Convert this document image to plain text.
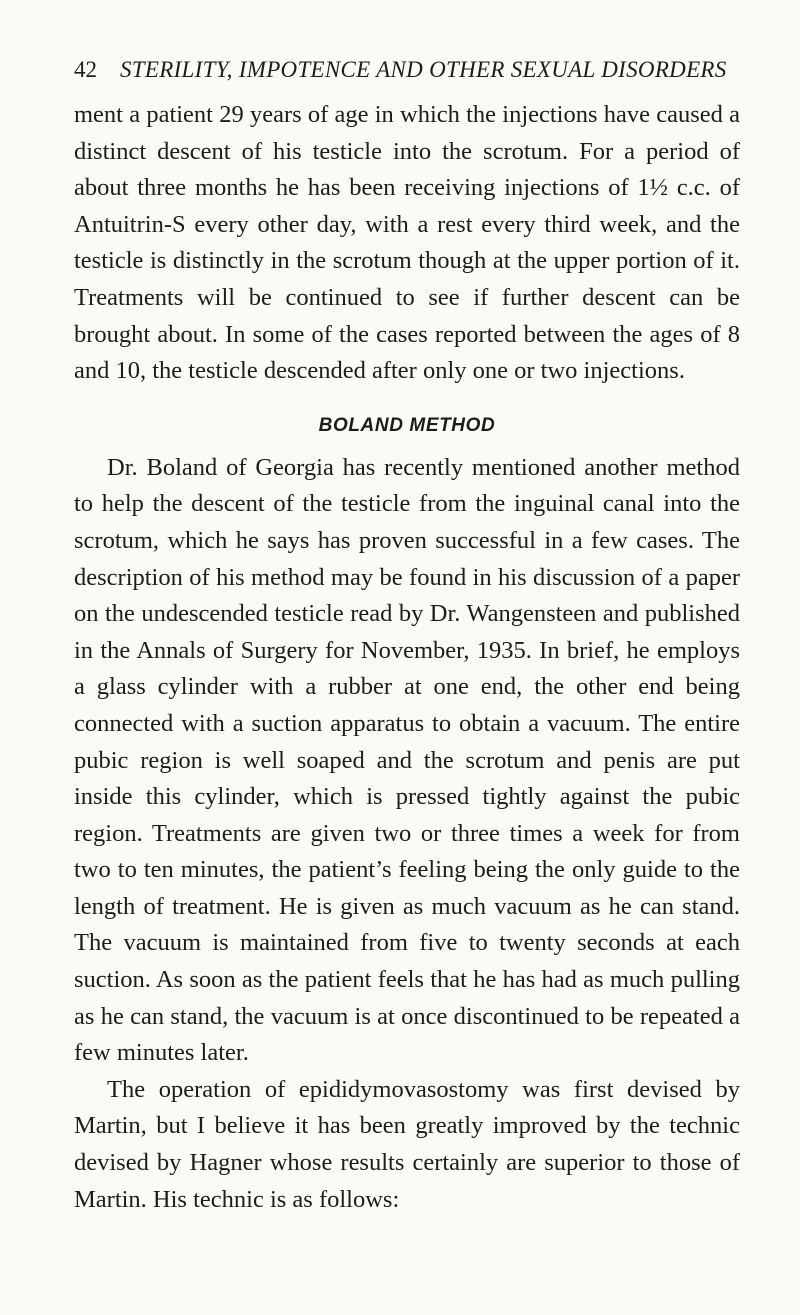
42 STERILITY, IMPOTENCE AND OTHER SEXUAL DISORDERS

ment a patient 29 years of age in which the injections have caused a distinct descent of his testicle into the scrotum. For a period of about three months he has been receiving injections of 1½ c.c. of Antuitrin-S every other day, with a rest every third week, and the testicle is distinctly in the scrotum though at the upper portion of it. Treatments will be continued to see if further descent can be brought about. In some of the cases reported between the ages of 8 and 10, the testicle descended after only one or two injections.

BOLAND METHOD

Dr. Boland of Georgia has recently mentioned another method to help the descent of the testicle from the inguinal canal into the scrotum, which he says has proven successful in a few cases. The description of his method may be found in his discussion of a paper on the undescended testicle read by Dr. Wangensteen and published in the Annals of Surgery for November, 1935. In brief, he employs a glass cylinder with a rubber at one end, the other end being connected with a suction apparatus to obtain a vacuum. The entire pubic region is well soaped and the scrotum and penis are put inside this cylinder, which is pressed tightly against the pubic region. Treatments are given two or three times a week for from two to ten minutes, the patient’s feeling being the only guide to the length of treatment. He is given as much vacuum as he can stand. The vacuum is maintained from five to twenty seconds at each suction. As soon as the patient feels that he has had as much pulling as he can stand, the vacuum is at once discontinued to be repeated a few minutes later.

The operation of epididymovasostomy was first devised by Martin, but I believe it has been greatly improved by the technic devised by Hagner whose results certainly are superior to those of Martin. His technic is as follows:
